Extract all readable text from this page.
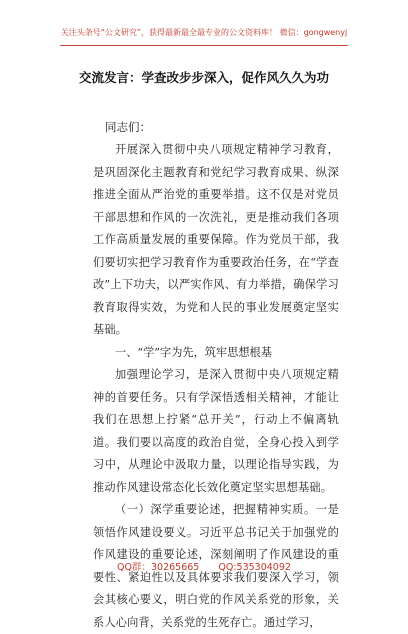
关注头条号“公文研究”，获得最新最全最专业的公文资料库！ 微信：gongwenyj
交流发言：学查改步步深入，促作风久久为功

同志们：

开展深入贯彻中央八项规定精神学习教育，是巩固深化主题教育和党纪学习教育成果、纵深推进全面从严治党的重要举措。这不仅是对党员干部思想和作风的一次洗礼，更是推动我们各项工作高质量发展的重要保障。作为党员干部，我们要切实把学习教育作为重要政治任务，在“学查改”上下功夫，以严实作风、有力举措，确保学习教育取得实效，为党和人民的事业发展奠定坚实基础。

一、“学”字为先，筑牢思想根基

加强理论学习，是深入贯彻中央八项规定精神的首要任务。只有学深悟透相关精神，才能让我们在思想上拧紧“总开关”，行动上不偏离轨道。我们要以高度的政治自觉，全身心投入到学习中，从理论中汲取力量，以理论指导实践，为推动作风建设常态化长效化奠定坚实思想基础。

（一）深学重要论述，把握精神实质。一是领悟作风建设要义。习近平总书记关于加强党的作风建设的重要论述，深刻阐明了作风建设的重要性、紧迫性以及具体要求我们要深入学习，领会其核心要义，明白党的作风关系党的形象，关系人心向背，关系党的生死存亡。通过学习，

QQ群：30265665 QQ:535304092
